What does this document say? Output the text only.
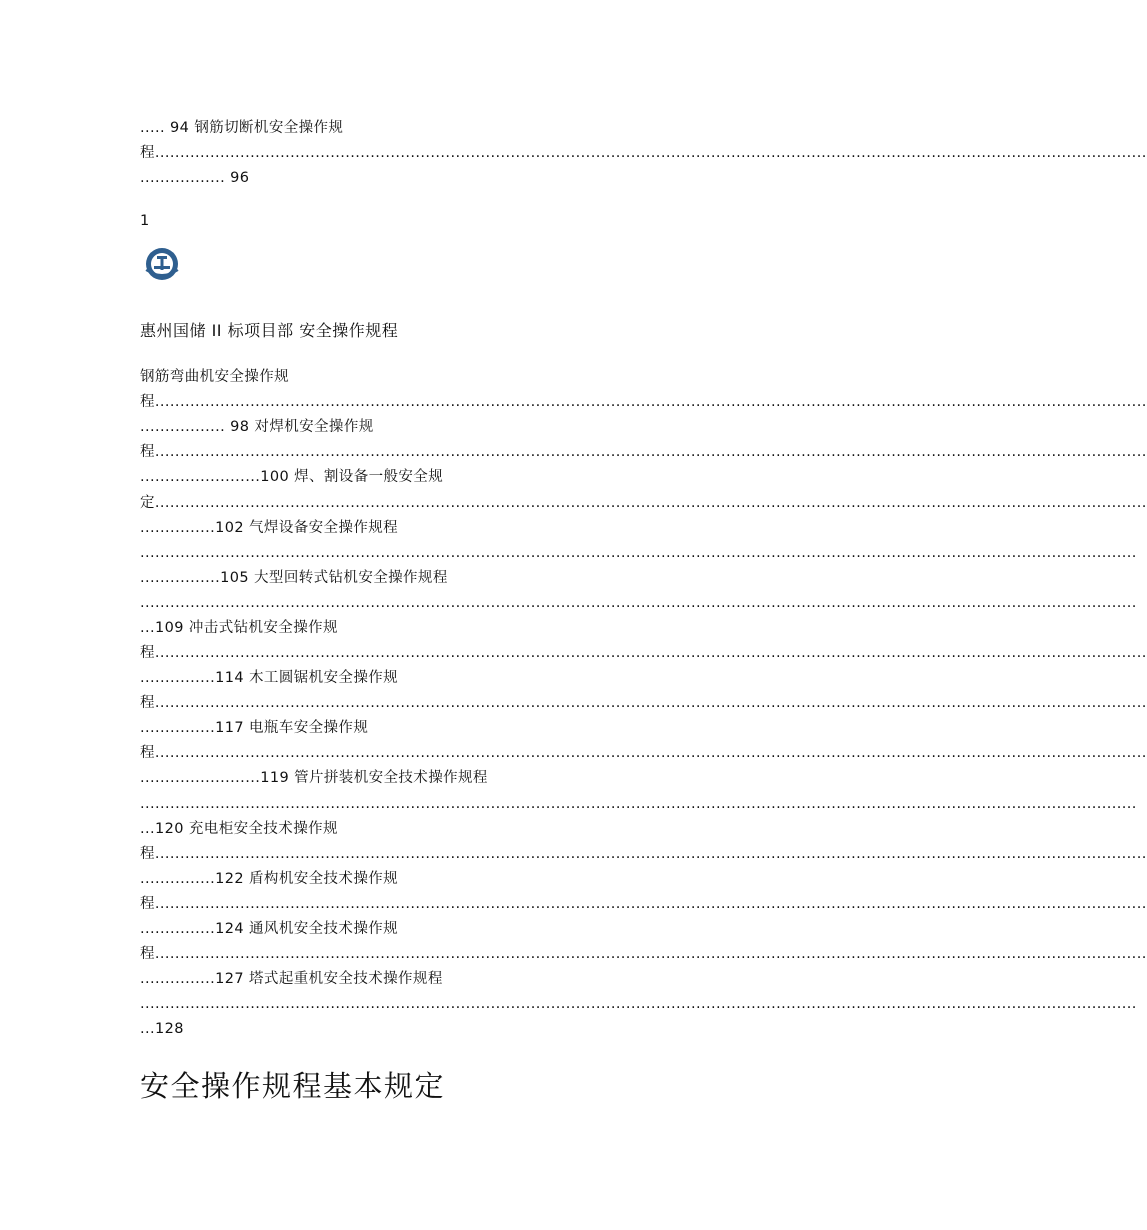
..... 94 钢筋切断机安全操作规
程......................................................................................................................................................................................................
................. 96
1
惠州国储 II 标项目部 安全操作规程
钢筋弯曲机安全操作规
程......................................................................................................................................................................................................
................. 98 对焊机安全操作规
程......................................................................................................................................................................................................
........................100 焊、割设备一般安全规
定......................................................................................................................................................................................................
...............102 气焊设备安全操作规程
.......................................................................................................................................................................................................
................105 大型回转式钻机安全操作规程
.......................................................................................................................................................................................................
...109 冲击式钻机安全操作规
程......................................................................................................................................................................................................
...............114 木工圆锯机安全操作规
程......................................................................................................................................................................................................
...............117 电瓶车安全操作规
程......................................................................................................................................................................................................
........................119 管片拼装机安全技术操作规程
.......................................................................................................................................................................................................
...120 充电柜安全技术操作规
程......................................................................................................................................................................................................
...............122 盾构机安全技术操作规
程......................................................................................................................................................................................................
...............124 通风机安全技术操作规
程......................................................................................................................................................................................................
...............127 塔式起重机安全技术操作规程
.......................................................................................................................................................................................................
...128
安全操作规程基本规定
